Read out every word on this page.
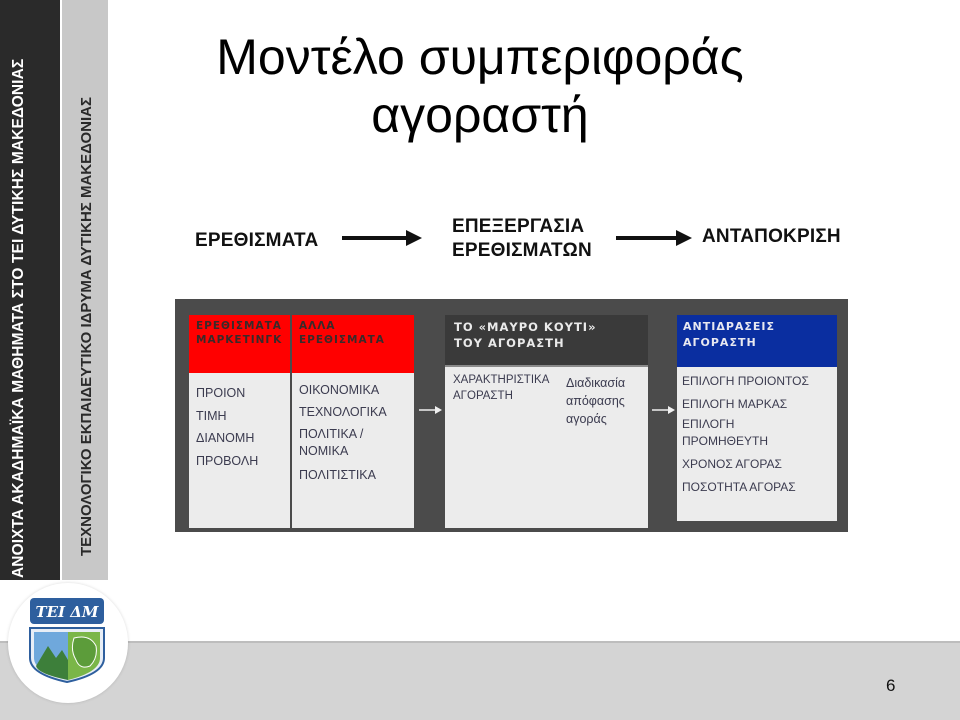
ΑΝΟΙΧΤΑ ΑΚΑΔΗΜΑΪΚΑ ΜΑΘΗΜΑΤΑ ΣΤΟ ΤΕΙ ΔΥΤΙΚΗΣ ΜΑΚΕΔΟΝΙΑΣ	ΤΕΧΝΟΛΟΓΙΚΟ ΕΚΠΑΙΔΕΥΤΙΚΟ ΙΔΡΥΜΑ ΔΥΤΙΚΗΣ ΜΑΚΕΔΟΝΙΑΣ
6
ΤΕΙ ΔΜ
Μοντέλο συμπεριφοράς
αγοραστή
ΕΡΕΘΙΣΜΑΤΑ
ΕΠΕΞΕΡΓΑΣΙΑ
ΕΡΕΘΙΣΜΑΤΩΝ
ΑΝΤΑΠΟΚΡΙΣΗ
ΕΡΕΘΙΣΜΑΤΑ
ΜΑΡΚΕΤΙΝΓΚ
ΠΡΟΙΟΝ
ΤΙΜΗ
ΔΙΑΝΟΜΗ
ΠΡΟΒΟΛΗ
ΑΛΛΑ
ΕΡΕΘΙΣΜΑΤΑ
ΟΙΚΟΝΟΜΙΚΑ
ΤΕΧΝΟΛΟΓΙΚΑ
ΠΟΛΙΤΙΚΑ /
ΝΟΜΙΚΑ
ΠΟΛΙΤΙΣΤΙΚΑ
ΤΟ «ΜΑΥΡΟ ΚΟΥΤΙ»
ΤΟΥ ΑΓΟΡΑΣΤΗ
ΧΑΡΑΚΤΗΡΙΣΤΙΚΑ
ΑΓΟΡΑΣΤΗ
Διαδικασία
απόφασης
αγοράς
ΑΝΤΙΔΡΑΣΕΙΣ
ΑΓΟΡΑΣΤΗ
ΕΠΙΛΟΓΗ ΠΡΟΙΟΝΤΟΣ
ΕΠΙΛΟΓΗ ΜΑΡΚΑΣ
ΕΠΙΛΟΓΗ
ΠΡΟΜΗΘΕΥΤΗ
ΧΡΟΝΟΣ ΑΓΟΡΑΣ
ΠΟΣΟΤΗΤΑ ΑΓΟΡΑΣ
